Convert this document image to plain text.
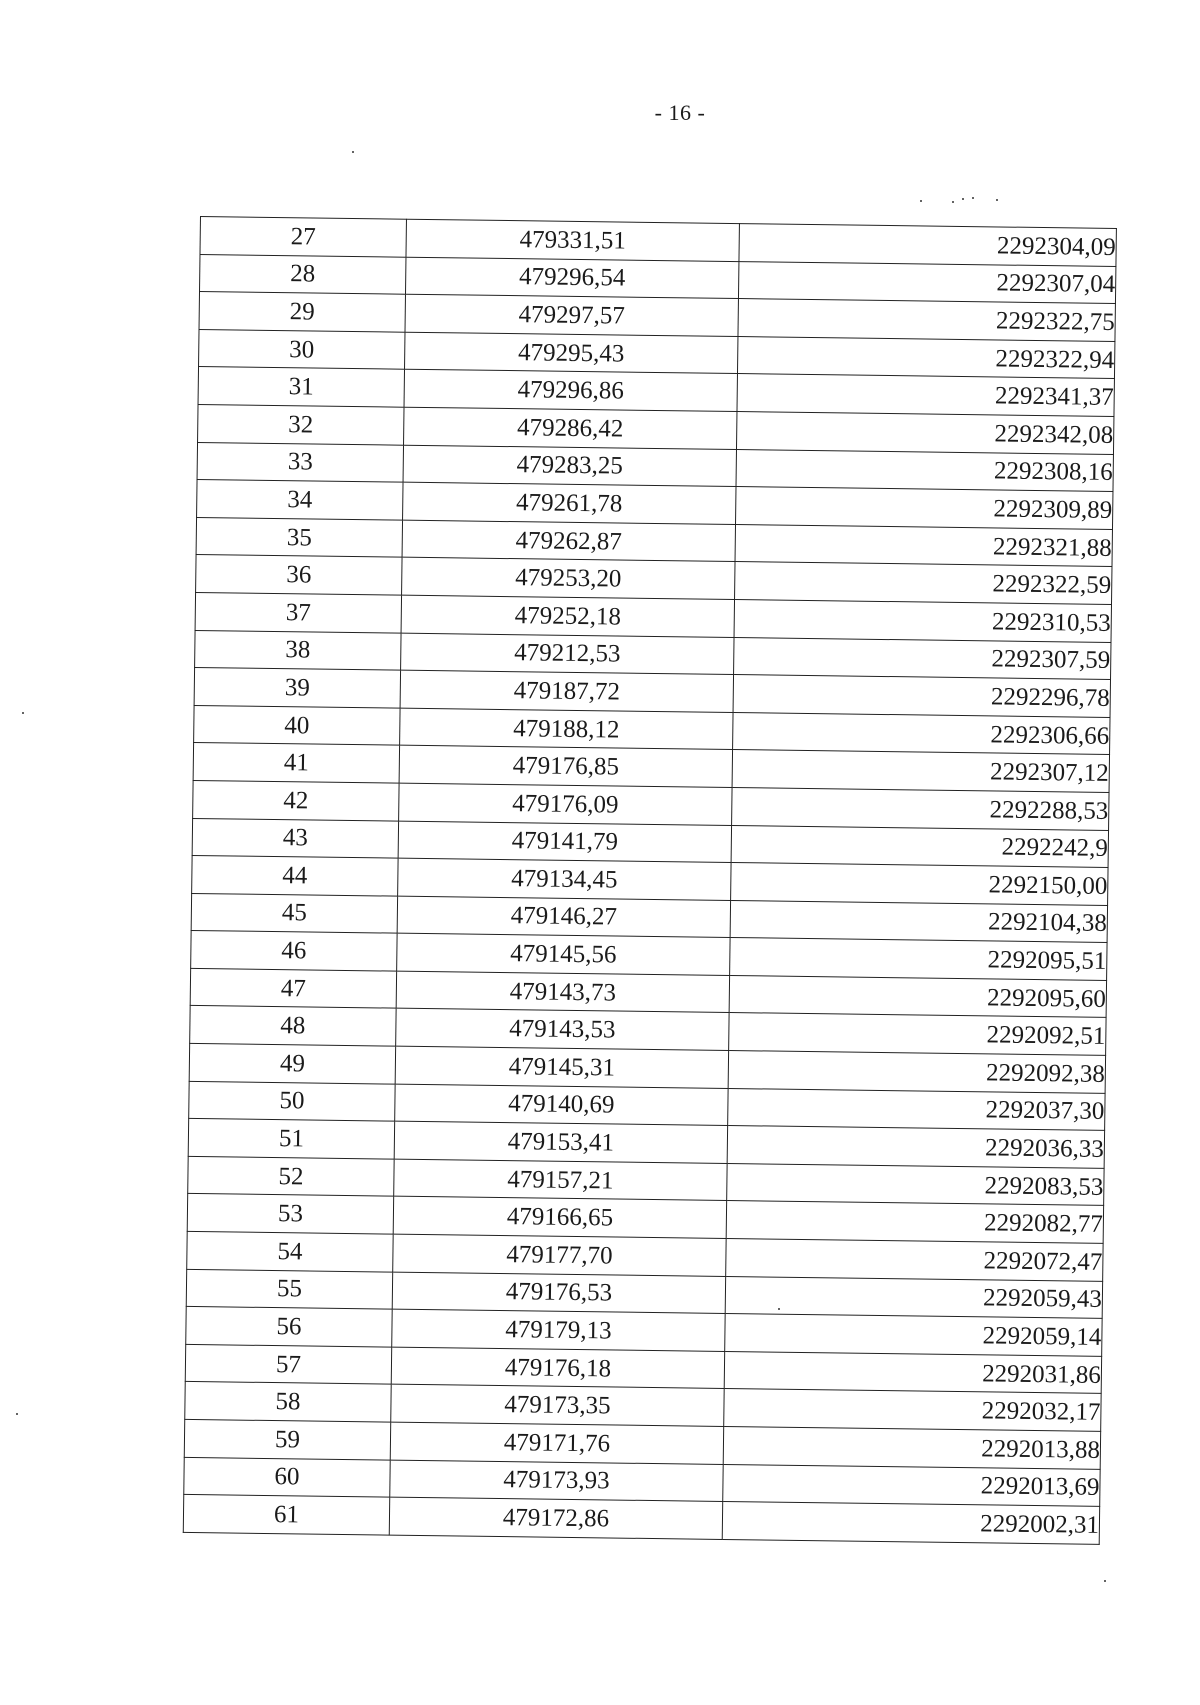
- 16 -
27	479331,51	2292304,09
28	479296,54	2292307,04
29	479297,57	2292322,75
30	479295,43	2292322,94
31	479296,86	2292341,37
32	479286,42	2292342,08
33	479283,25	2292308,16
34	479261,78	2292309,89
35	479262,87	2292321,88
36	479253,20	2292322,59
37	479252,18	2292310,53
38	479212,53	2292307,59
39	479187,72	2292296,78
40	479188,12	2292306,66
41	479176,85	2292307,12
42	479176,09	2292288,53
43	479141,79	2292242,9
44	479134,45	2292150,00
45	479146,27	2292104,38
46	479145,56	2292095,51
47	479143,73	2292095,60
48	479143,53	2292092,51
49	479145,31	2292092,38
50	479140,69	2292037,30
51	479153,41	2292036,33
52	479157,21	2292083,53
53	479166,65	2292082,77
54	479177,70	2292072,47
55	479176,53	2292059,43
56	479179,13	2292059,14
57	479176,18	2292031,86
58	479173,35	2292032,17
59	479171,76	2292013,88
60	479173,93	2292013,69
61	479172,86	2292002,31
